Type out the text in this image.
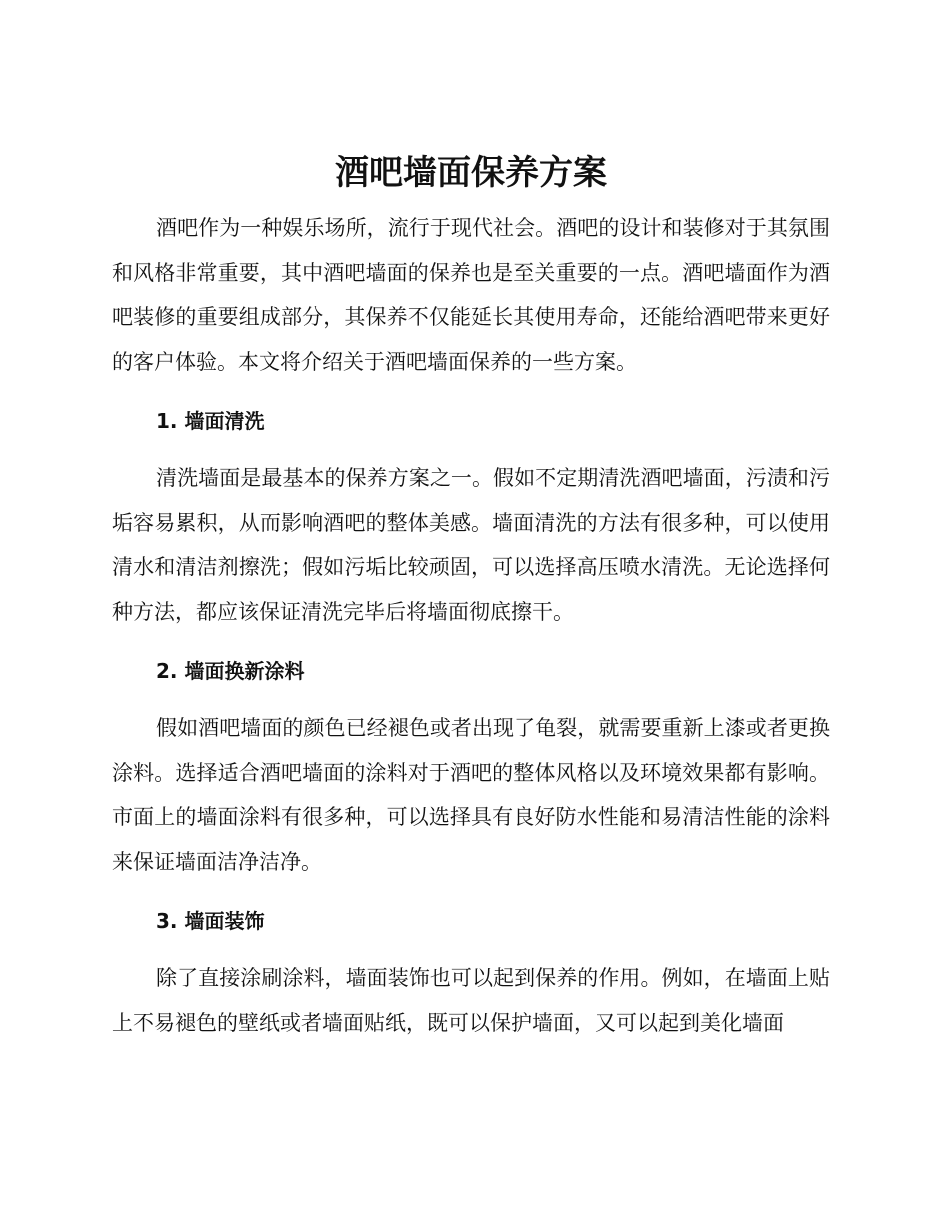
酒吧墙面保养方案

酒吧作为一种娱乐场所，流行于现代社会。酒吧的设计和装修对于其氛围和风格非常重要，其中酒吧墙面的保养也是至关重要的一点。酒吧墙面作为酒吧装修的重要组成部分，其保养不仅能延长其使用寿命，还能给酒吧带来更好的客户体验。本文将介绍关于酒吧墙面保养的一些方案。

1. 墙面清洗

清洗墙面是最基本的保养方案之一。假如不定期清洗酒吧墙面，污渍和污垢容易累积，从而影响酒吧的整体美感。墙面清洗的方法有很多种，可以使用清水和清洁剂擦洗；假如污垢比较顽固，可以选择高压喷水清洗。无论选择何种方法，都应该保证清洗完毕后将墙面彻底擦干。

2. 墙面换新涂料

假如酒吧墙面的颜色已经褪色或者出现了龟裂，就需要重新上漆或者更换涂料。选择适合酒吧墙面的涂料对于酒吧的整体风格以及环境效果都有影响。市面上的墙面涂料有很多种，可以选择具有良好防水性能和易清洁性能的涂料来保证墙面洁净洁净。

3. 墙面装饰

除了直接涂刷涂料，墙面装饰也可以起到保养的作用。例如，在墙面上贴上不易褪色的壁纸或者墙面贴纸，既可以保护墙面，又可以起到美化墙面
